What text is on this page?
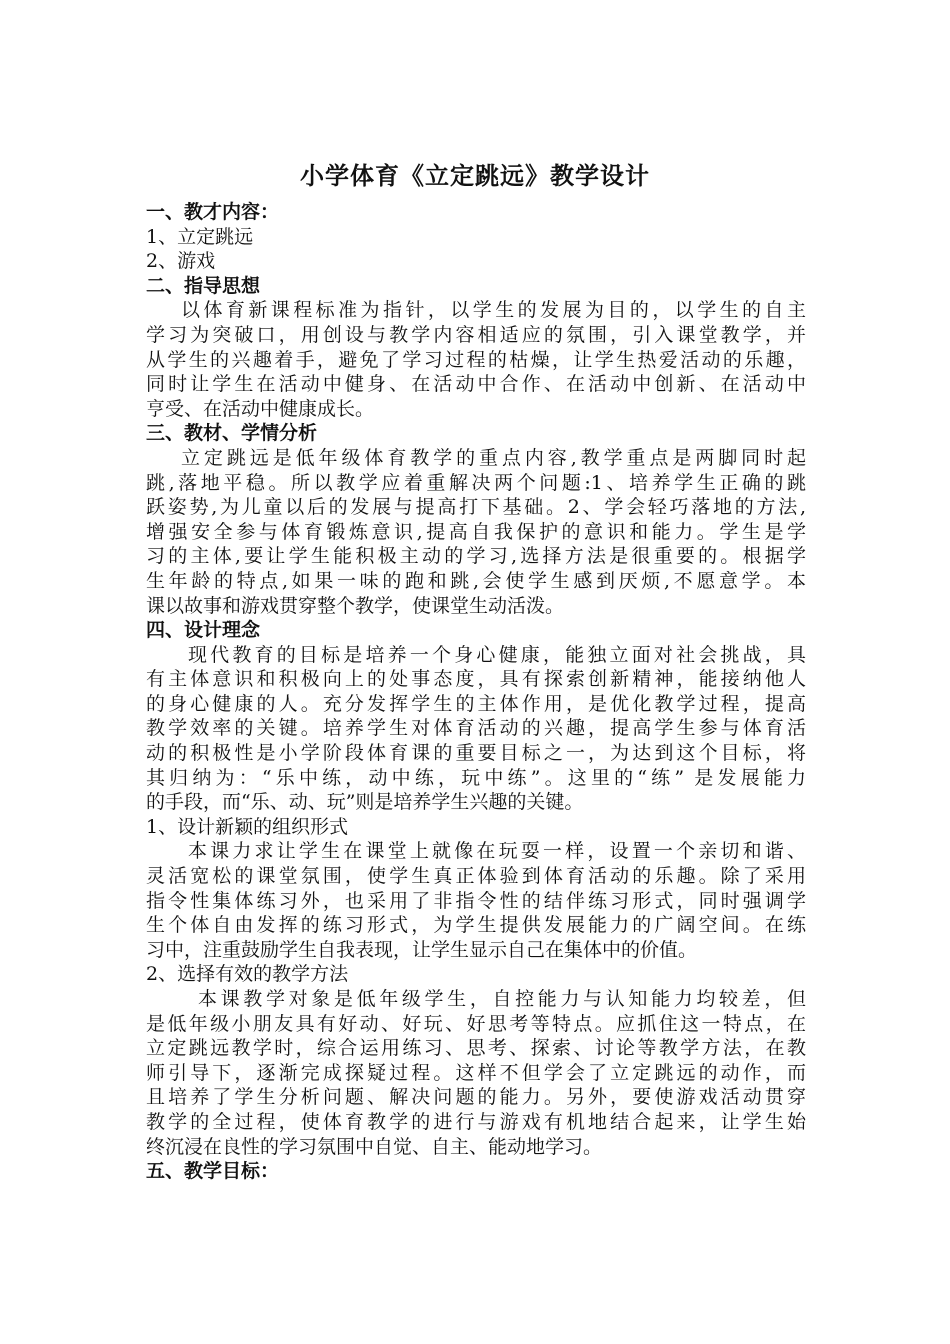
小学体育《立定跳远》教学设计
一、教才内容：
1、立定跳远
2、游戏
二、指导思想
以体育新课程标准为指针，以学生的发展为目的，以学生的自主
学习为突破口，用创设与教学内容相适应的氛围，引入课堂教学，并
从学生的兴趣着手，避免了学习过程的枯燥，让学生热爱活动的乐趣，
同时让学生在活动中健身、在活动中合作、在活动中创新、在活动中
亨受、在活动中健康成长。
三、教材、学情分析
立定跳远是低年级体育教学的重点内容,教学重点是两脚同时起
跳,落地平稳。所以教学应着重解决两个问题:1、培养学生正确的跳
跃姿势,为儿童以后的发展与提高打下基础。2、学会轻巧落地的方法,
增强安全参与体育锻炼意识,提高自我保护的意识和能力。学生是学
习的主体,要让学生能积极主动的学习,选择方法是很重要的。根据学
生年龄的特点,如果一味的跑和跳,会使学生感到厌烦,不愿意学。本
课以故事和游戏贯穿整个教学，使课堂生动活泼。
四、设计理念
现代教育的目标是培养一个身心健康，能独立面对社会挑战，具
有主体意识和积极向上的处事态度，具有探索创新精神，能接纳他人
的身心健康的人。充分发挥学生的主体作用，是优化教学过程，提高
教学效率的关键。培养学生对体育活动的兴趣，提高学生参与体育活
动的积极性是小学阶段体育课的重要目标之一，为达到这个目标，将
其归纳为：“乐中练，动中练，玩中练”。这里的“练” 是发展能力
的手段，而“乐、动、玩”则是培养学生兴趣的关键。
1、设计新颖的组织形式
本课力求让学生在课堂上就像在玩耍一样，设置一个亲切和谐、
灵活宽松的课堂氛围，使学生真正体验到体育活动的乐趣。除了采用
指令性集体练习外，也采用了非指令性的结伴练习形式，同时强调学
生个体自由发挥的练习形式，为学生提供发展能力的广阔空间。在练
习中，注重鼓励学生自我表现，让学生显示自己在集体中的价值。
2、选择有效的教学方法
本课教学对象是低年级学生，自控能力与认知能力均较差，但
是低年级小朋友具有好动、好玩、好思考等特点。应抓住这一特点，在
立定跳远教学时，综合运用练习、思考、探索、讨论等教学方法，在教
师引导下，逐渐完成探疑过程。这样不但学会了立定跳远的动作，而
且培养了学生分析问题、解决问题的能力。另外，要使游戏活动贯穿
教学的全过程，使体育教学的进行与游戏有机地结合起来，让学生始
终沉浸在良性的学习氛围中自觉、自主、能动地学习。
五、教学目标：
